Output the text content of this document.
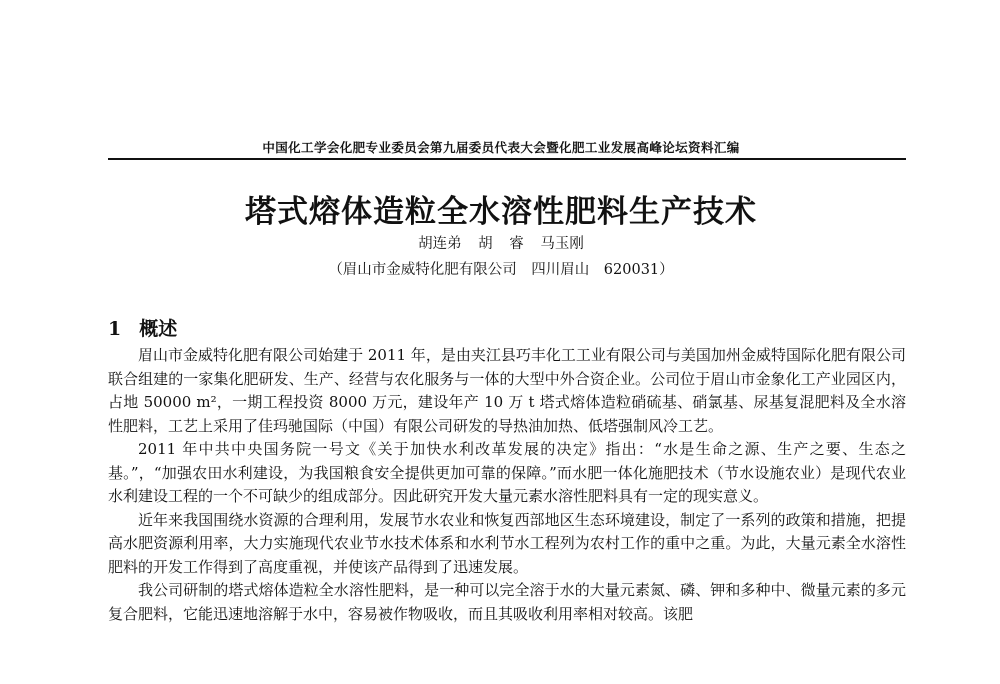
中国化工学会化肥专业委员会第九届委员代表大会暨化肥工业发展高峰论坛资料汇编
塔式熔体造粒全水溶性肥料生产技术
胡连弟 胡 睿 马玉刚
（眉山市金威特化肥有限公司　四川眉山　620031）
1 概述

眉山市金威特化肥有限公司始建于 2011 年，是由夹江县巧丰化工工业有限公司与美国加州金威特国际化肥有限公司联合组建的一家集化肥研发、生产、经营与农化服务与一体的大型中外合资企业。公司位于眉山市金象化工产业园区内，占地 50000 m²，一期工程投资 8000 万元，建设年产 10 万 t 塔式熔体造粒硝硫基、硝氯基、尿基复混肥料及全水溶性肥料，工艺上采用了佳玛驰国际（中国）有限公司研发的导热油加热、低塔强制风冷工艺。

2011 年中共中央国务院一号文《关于加快水利改革发展的决定》指出：“水是生命之源、生产之要、生态之基。”，“加强农田水利建设，为我国粮食安全提供更加可靠的保障。”而水肥一体化施肥技术（节水设施农业）是现代农业水利建设工程的一个不可缺少的组成部分。因此研究开发大量元素水溶性肥料具有一定的现实意义。

近年来我国围绕水资源的合理利用，发展节水农业和恢复西部地区生态环境建设，制定了一系列的政策和措施，把提高水肥资源利用率，大力实施现代农业节水技术体系和水利节水工程列为农村工作的重中之重。为此，大量元素全水溶性肥料的开发工作得到了高度重视，并使该产品得到了迅速发展。

我公司研制的塔式熔体造粒全水溶性肥料，是一种可以完全溶于水的大量元素氮、磷、钾和多种中、微量元素的多元复合肥料，它能迅速地溶解于水中，容易被作物吸收，而且其吸收利用率相对较高。该肥
